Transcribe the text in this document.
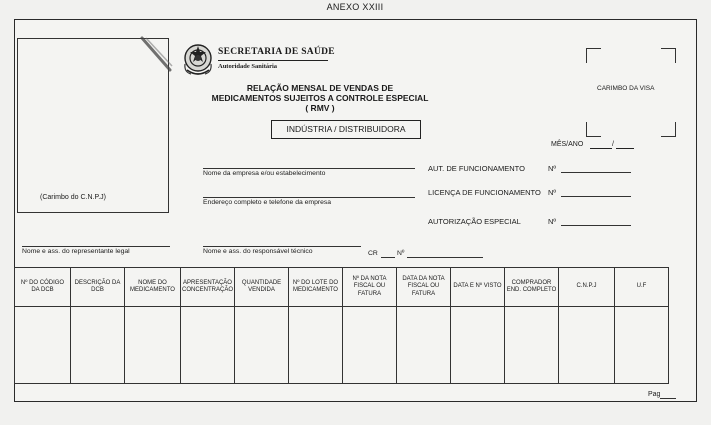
ANEXO XXIII
(Carimbo do C.N.P.J)
SECRETARIA DE SAÚDE
Autoridade Sanitária
RELAÇÃO MENSAL DE VENDAS DE
MEDICAMENTOS SUJEITOS A CONTROLE ESPECIAL
( RMV )
INDÚSTRIA / DISTRIBUIDORA
CARIMBO DA VISA
MÊS/ANO	/
Nome da empresa e/ou estabelecimento
Endereço completo e telefone da empresa
AUT. DE FUNCIONAMENTO	Nº
LICENÇA DE FUNCIONAMENTO Nº
AUTORIZAÇÃO ESPECIAL	Nº
Nome e ass. do representante legal	Nome e ass. do responsável técnico	CR	Nº
Nº DO CÓDIGO DA DCB	DESCRIÇÃO DA DCB	NOME DO MEDICAMENTO	APRESENTAÇÃO CONCENTRAÇÃO	QUANTIDADE VENDIDA	Nº DO LOTE DO MEDICAMENTO	Nº DA NOTA FISCAL OU FATURA	DATA DA NOTA FISCAL OU FATURA	DATA E Nº VISTO	COMPRADOR END. COMPLETO	C.N.P.J	U.F

Pag
